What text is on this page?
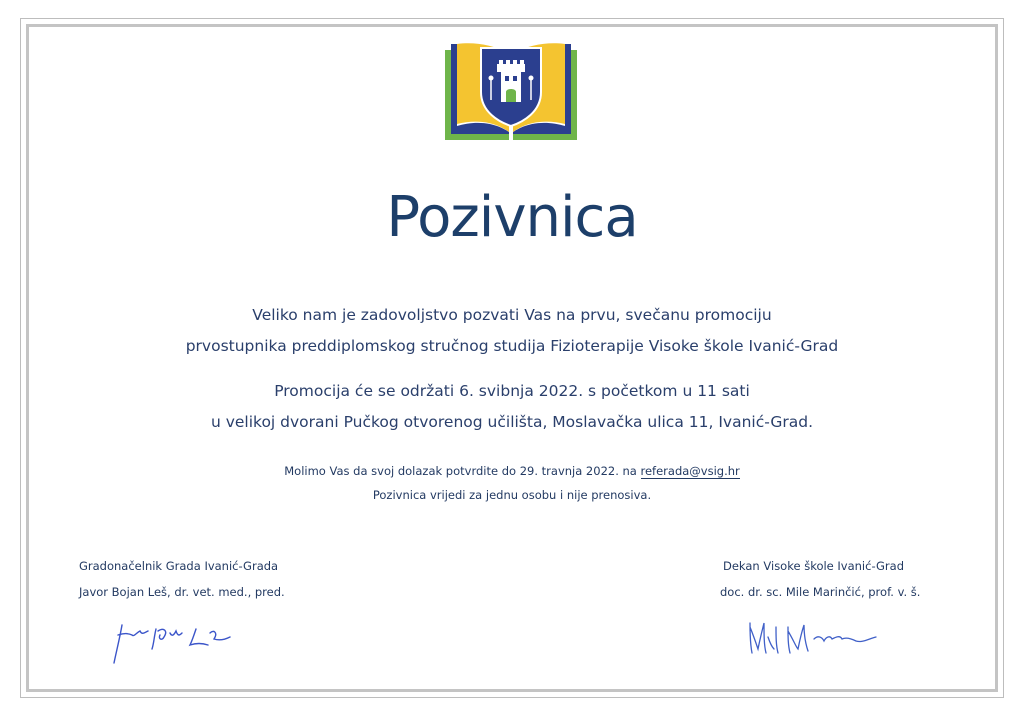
Pozivnica
Veliko nam je zadovoljstvo pozvati Vas na prvu, svečanu promociju
prvostupnika preddiplomskog stručnog studija Fizioterapije Visoke škole Ivanić-Grad
Promocija će se održati 6. svibnja 2022. s početkom u 11 sati
u velikoj dvorani Pučkog otvorenog učilišta, Moslavačka ulica 11, Ivanić-Grad.
Molimo Vas da svoj dolazak potvrdite do 29. travnja 2022. na referada@vsig.hr
Pozivnica vrijedi za jednu osobu i nije prenosiva.
Gradonačelnik Grada Ivanić-Grada
Javor Bojan Leš, dr. vet. med., pred.
Dekan Visoke škole Ivanić-Grad
doc. dr. sc. Mile Marinčić, prof. v. š.
